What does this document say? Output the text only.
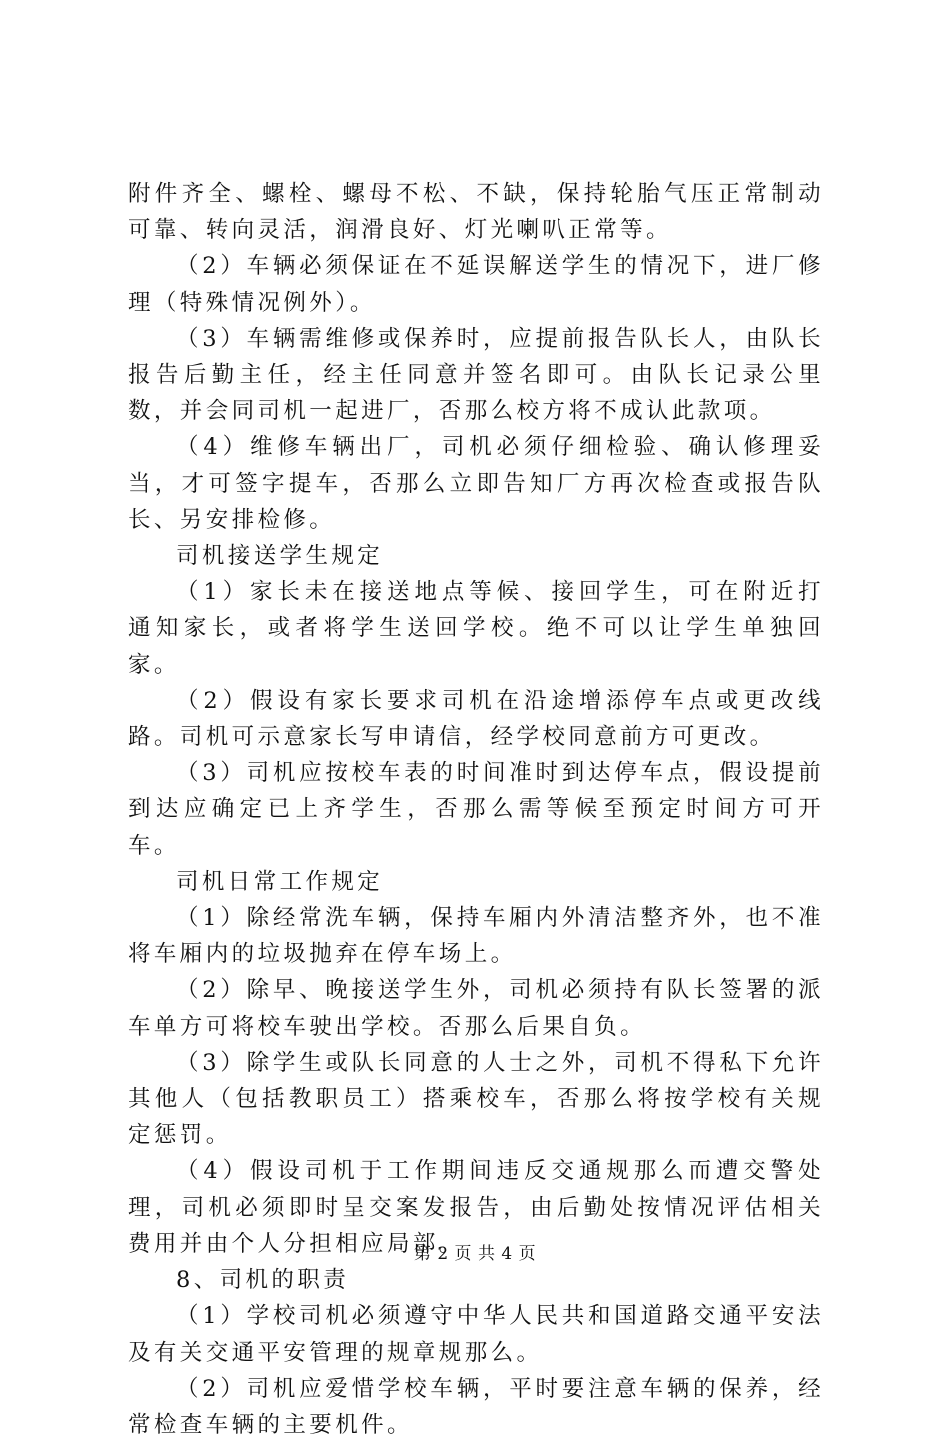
附件齐全、螺栓、螺母不松、不缺，保持轮胎气压正常制动可靠、转向灵活，润滑良好、灯光喇叭正常等。

（2）车辆必须保证在不延误解送学生的情况下，进厂修理（特殊情况例外）。

（3）车辆需维修或保养时，应提前报告队长人，由队长报告后勤主任，经主任同意并签名即可。由队长记录公里数，并会同司机一起进厂，否那么校方将不成认此款项。

（4）维修车辆出厂，司机必须仔细检验、确认修理妥当，才可签字提车，否那么立即告知厂方再次检查或报告队长、另安排检修。

司机接送学生规定

（1）家长未在接送地点等候、接回学生，可在附近打　通知家长，或者将学生送回学校。绝不可以让学生单独回家。

（2）假设有家长要求司机在沿途增添停车点或更改线路。司机可示意家长写申请信，经学校同意前方可更改。

（3）司机应按校车表的时间准时到达停车点，假设提前到达应确定已上齐学生，否那么需等候至预定时间方可开车。

司机日常工作规定

（1）除经常洗车辆，保持车厢内外清洁整齐外，也不准将车厢内的垃圾抛弃在停车场上。

（2）除早、晚接送学生外，司机必须持有队长签署的派车单方可将校车驶出学校。否那么后果自负。

（3）除学生或队长同意的人士之外，司机不得私下允许其他人（包括教职员工）搭乘校车，否那么将按学校有关规定惩罚。

（4）假设司机于工作期间违反交通规那么而遭交警处理，司机必须即时呈交案发报告，由后勤处按情况评估相关费用并由个人分担相应局部。

8、司机的职责

（1）学校司机必须遵守中华人民共和国道路交通平安法及有关交通平安管理的规章规那么。

（2）司机应爱惜学校车辆，平时要注意车辆的保养，经常检查车辆的主要机件。

第 2 页 共 4 页
